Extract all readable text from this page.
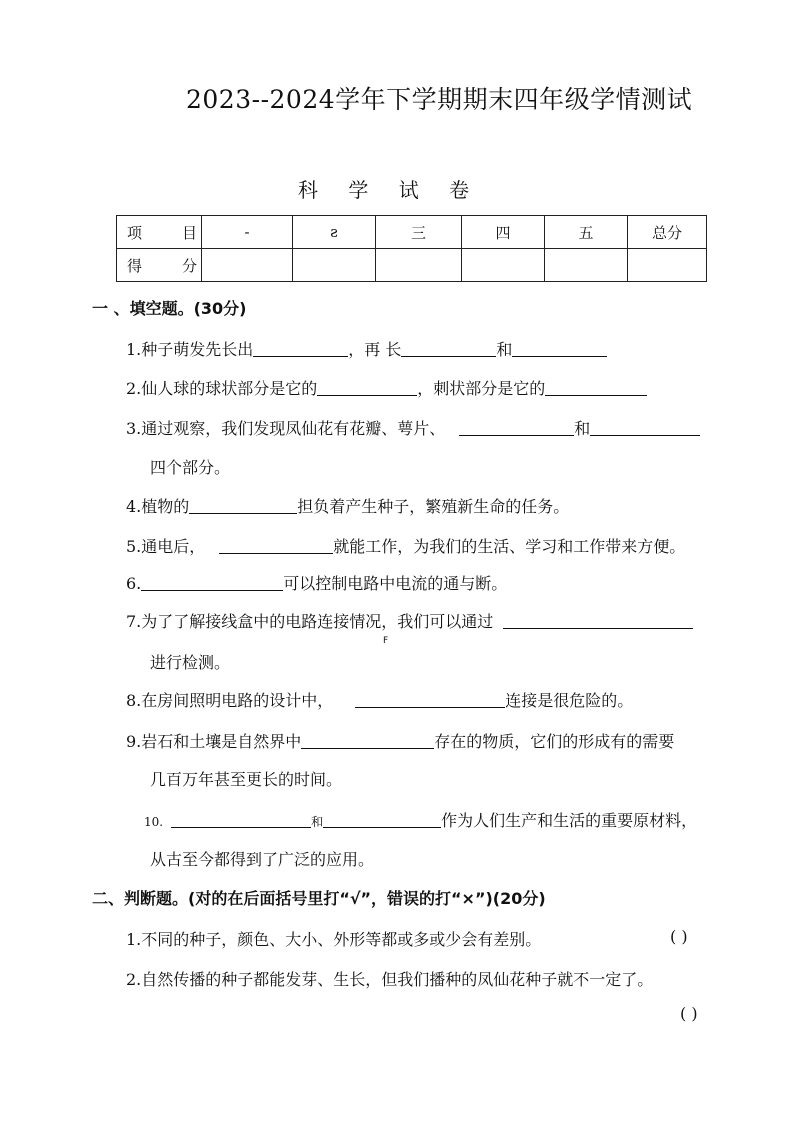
2023--2024学年下学期期末四年级学情测试
科 学 试 卷
项 目	-	ƨ	三	四	五	总分
得 分						
一 、填空题。(30分)
1.种子萌发先长出	，再 长	和
2.仙人球的球状部分是它的	，刺状部分是它的
3.通过观察，我们发现凤仙花有花瓣、萼片、	和
四个部分。
4.植物的	担负着产生种子，繁殖新生命的任务。
5.通电后，	就能工作，为我们的生活、学习和工作带来方便。
6.	可以控制电路中电流的通与断。
7.为了了解接线盒中的电路连接情况，我们可以通过
F
进行检测。
8.在房间照明电路的设计中，	连接是很危险的。
9.岩石和土壤是自然界中	存在的物质，它们的形成有的需要
几百万年甚至更长的时间。
10.	和	作为人们生产和生活的重要原材料，
从古至今都得到了广泛的应用。
二、判断题。(对的在后面括号里打“√”，错误的打“×”)(20分)
1.不同的种子，颜色、大小、外形等都或多或少会有差别。	( )
2.自然传播的种子都能发芽、生长，但我们播种的凤仙花种子就不一定了。
( )
